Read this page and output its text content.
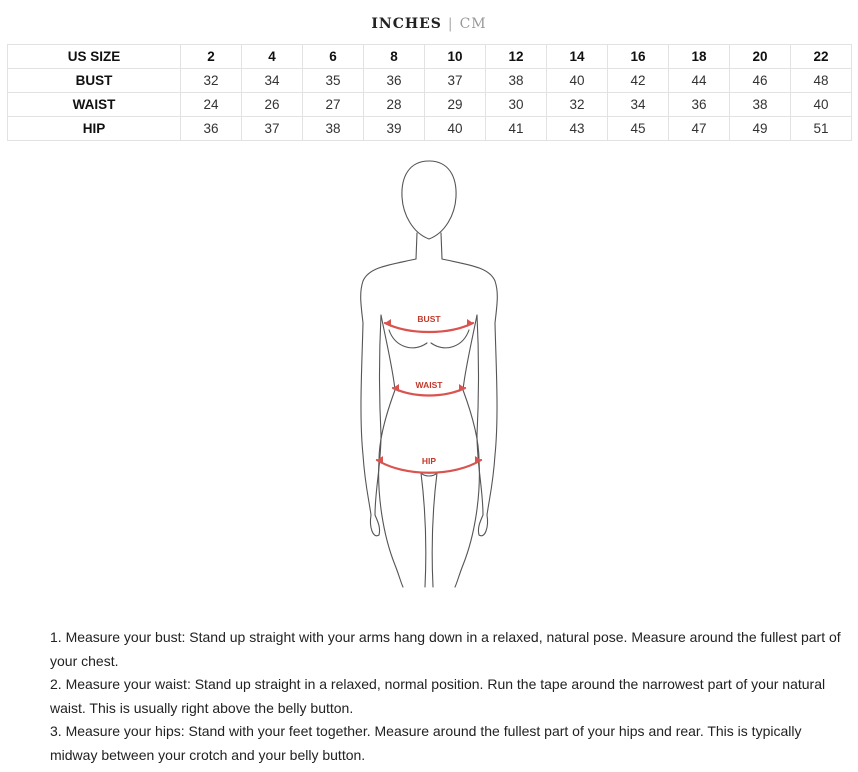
INCHES | CM
US SIZE	2	4	6	8	10	12	14	16	18	20	22
BUST	32	34	35	36	37	38	40	42	44	46	48
WAIST	24	26	27	28	29	30	32	34	36	38	40
HIP	36	37	38	39	40	41	43	45	47	49	51
BUST
WAIST
HIP

1. Measure your bust: Stand up straight with your arms hang down in a relaxed, natural pose. Measure around the fullest part of your chest.

2. Measure your waist: Stand up straight in a relaxed, normal position. Run the tape around the narrowest part of your natural waist. This is usually right above the belly button.

3. Measure your hips: Stand with your feet together. Measure around the fullest part of your hips and rear. This is typically midway between your crotch and your belly button.
